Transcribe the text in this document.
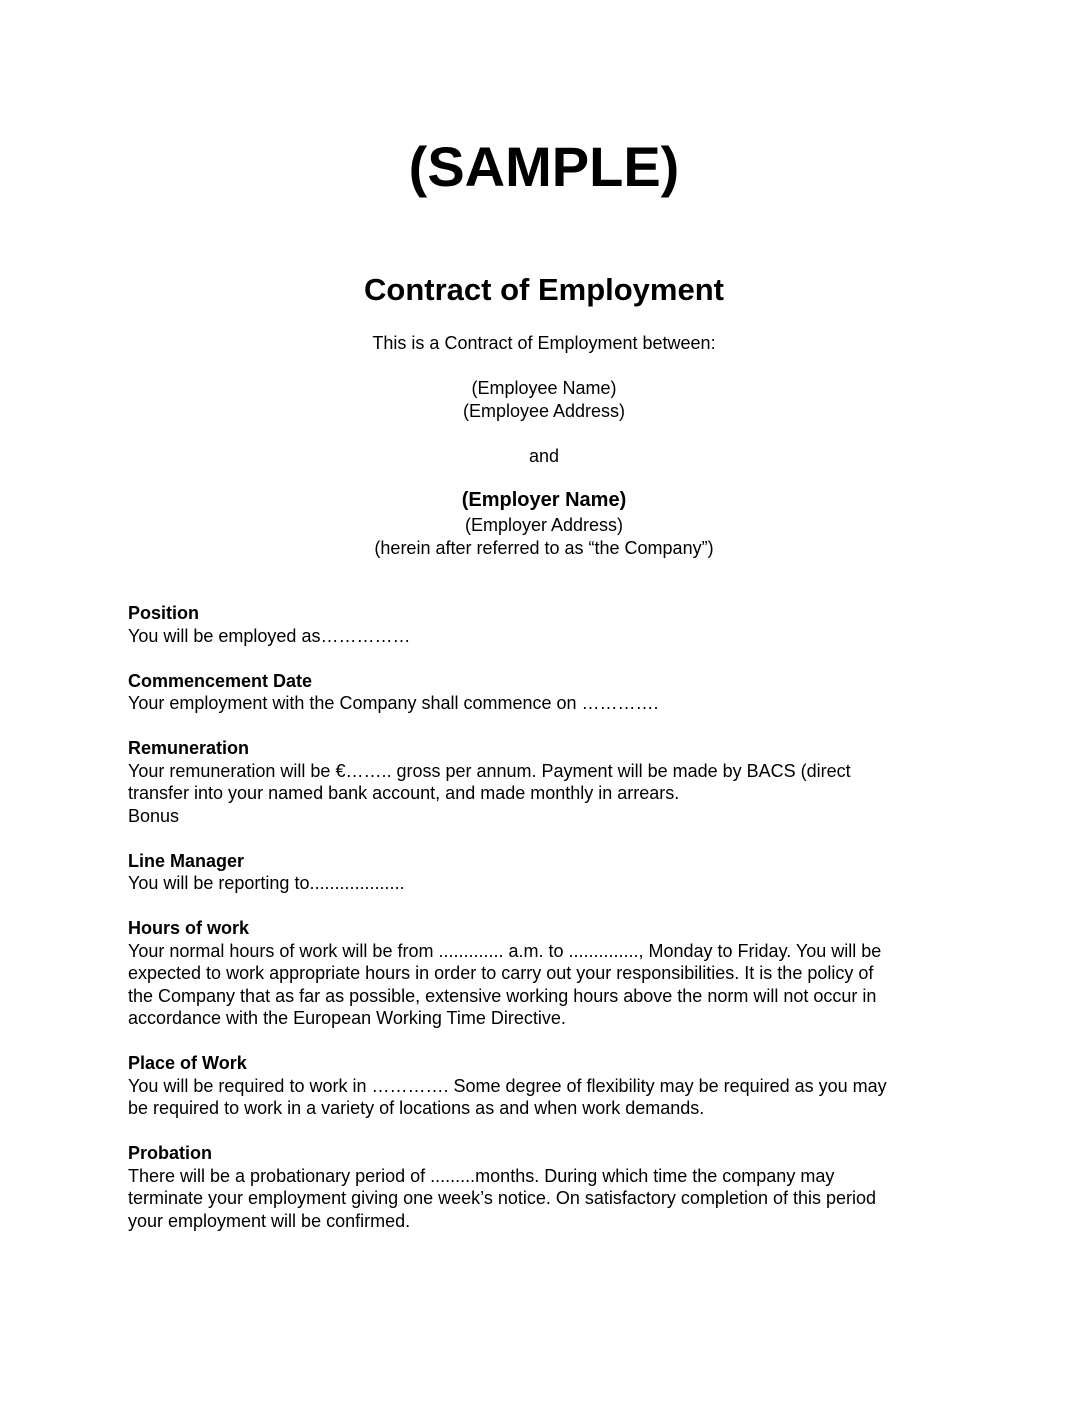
(SAMPLE)
Contract of Employment
This is a Contract of Employment between:
(Employee Name)
(Employee Address)
and
(Employer Name)
(Employer Address)
(herein after referred to as “the Company”)
Position
You will be employed as……………
Commencement Date
Your employment with the Company shall commence on ………….
Remuneration
Your remuneration will be €…….. gross per annum. Payment will be made by BACS (direct
transfer into your named bank account, and made monthly in arrears.
Bonus
Line Manager
You will be reporting to...................
Hours of work
Your normal hours of work will be from ............. a.m. to .............., Monday to Friday. You will be
expected to work appropriate hours in order to carry out your responsibilities. It is the policy of
the Company that as far as possible, extensive working hours above the norm will not occur in
accordance with the European Working Time Directive.
Place of Work
You will be required to work in …………. Some degree of flexibility may be required as you may
be required to work in a variety of locations as and when work demands.
Probation
There will be a probationary period of .........months. During which time the company may
terminate your employment giving one week’s notice. On satisfactory completion of this period
your employment will be confirmed.
